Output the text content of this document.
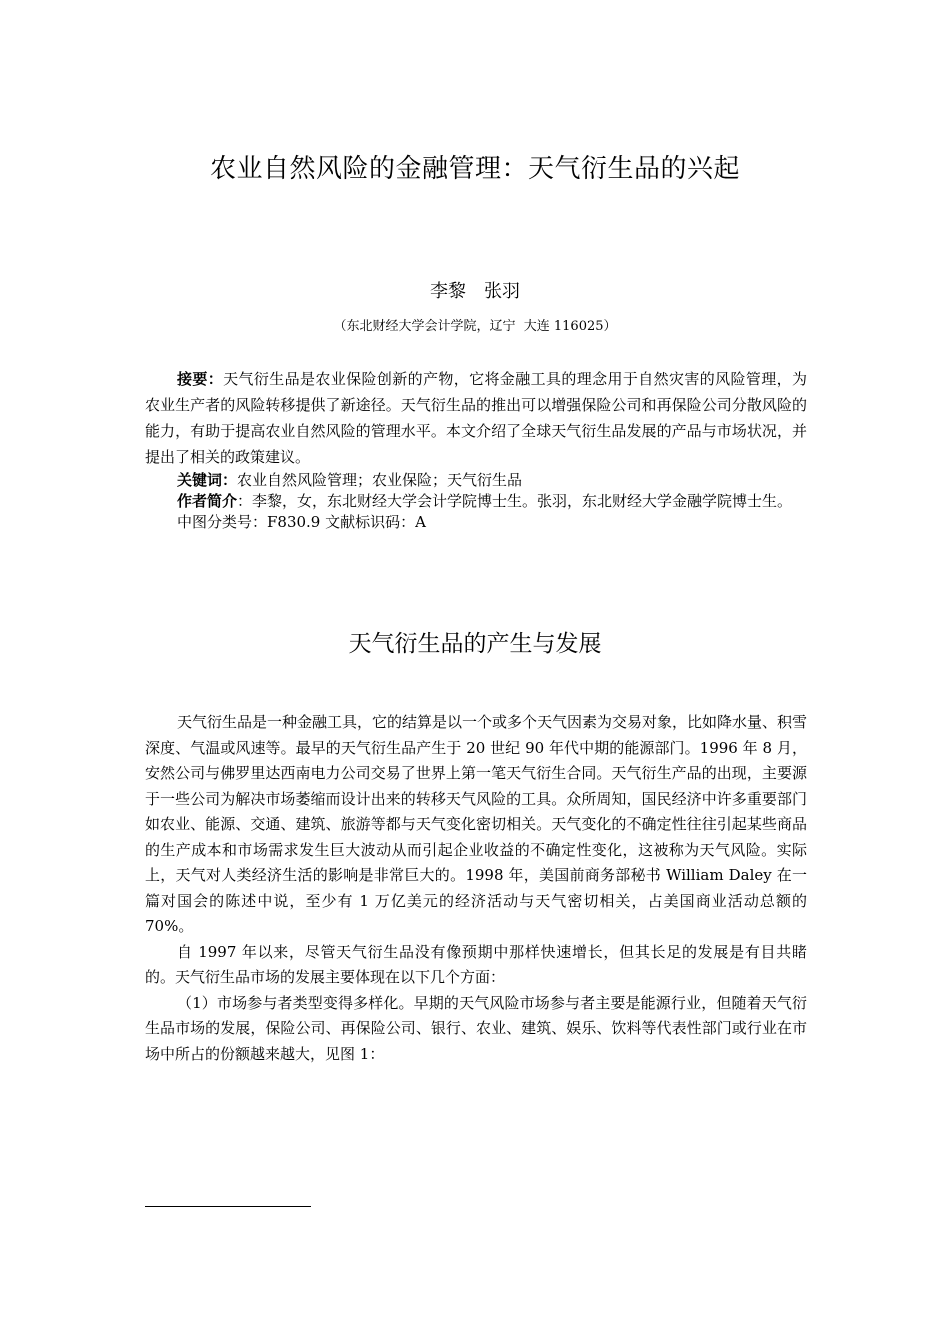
农业自然风险的金融管理：天气衍生品的兴起
李黎　张羽
（东北财经大学会计学院，辽宁  大连 116025）

接要：天气衍生品是农业保险创新的产物，它将金融工具的理念用于自然灾害的风险管理，为农业生产者的风险转移提供了新途径。天气衍生品的推出可以增强保险公司和再保险公司分散风险的能力，有助于提高农业自然风险的管理水平。本文介绍了全球天气衍生品发展的产品与市场状况，并提出了相关的政策建议。

关键词：农业自然风险管理；农业保险；天气衍生品

作者简介：李黎，女，东北财经大学会计学院博士生。张羽，东北财经大学金融学院博士生。

中图分类号：F830.9 文献标识码：A

天气衍生品的产生与发展

天气衍生品是一种金融工具，它的结算是以一个或多个天气因素为交易对象，比如降水量、积雪深度、气温或风速等。最早的天气衍生品产生于 20 世纪 90 年代中期的能源部门。1996 年 8 月，安然公司与佛罗里达西南电力公司交易了世界上第一笔天气衍生合同。天气衍生产品的出现，主要源于一些公司为解决市场萎缩而设计出来的转移天气风险的工具。众所周知，国民经济中许多重要部门如农业、能源、交通、建筑、旅游等都与天气变化密切相关。天气变化的不确定性往往引起某些商品的生产成本和市场需求发生巨大波动从而引起企业收益的不确定性变化，这被称为天气风险。实际上，天气对人类经济生活的影响是非常巨大的。1998 年，美国前商务部秘书 William Daley 在一篇对国会的陈述中说，至少有 1 万亿美元的经济活动与天气密切相关，占美国商业活动总额的 70%。

自 1997 年以来，尽管天气衍生品没有像预期中那样快速增长，但其长足的发展是有目共睹的。天气衍生品市场的发展主要体现在以下几个方面：

（1）市场参与者类型变得多样化。早期的天气风险市场参与者主要是能源行业，但随着天气衍生品市场的发展，保险公司、再保险公司、银行、农业、建筑、娱乐、饮料等代表性部门或行业在市场中所占的份额越来越大，见图 1：
